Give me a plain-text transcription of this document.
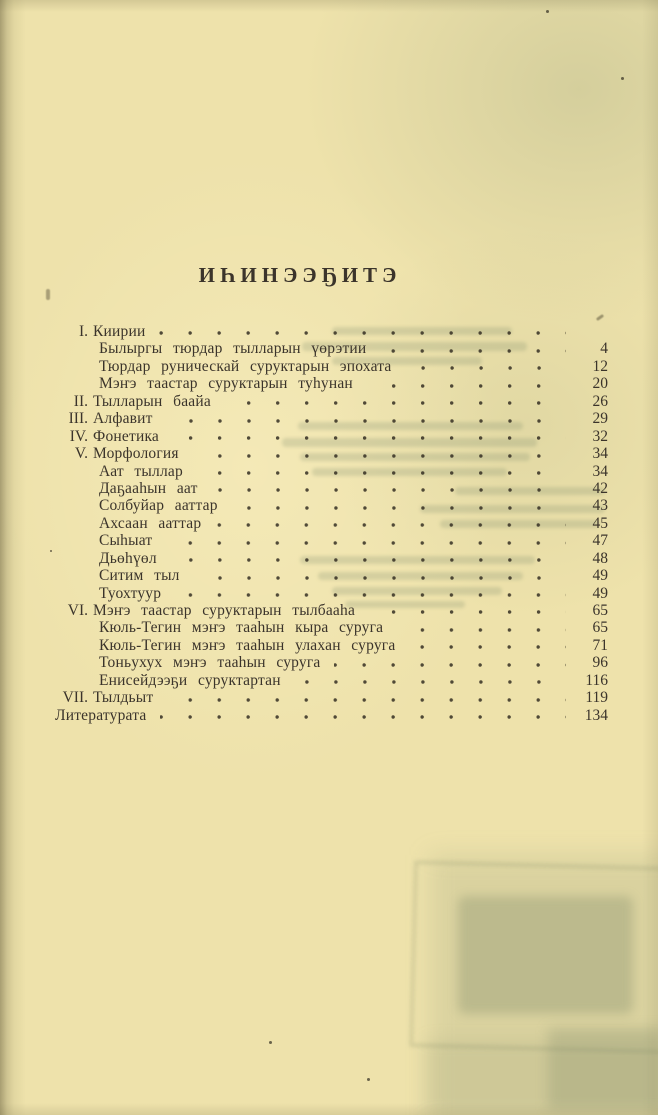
ИҺИНЭЭҔИТЭ
I. Киирии
Былыргы тюрдар тылларын үөрэтии	4
Тюрдар руническай суруктарын эпохата	12
Мэҥэ таастар суруктарын туһунан	20
II. Тылларын баайа	26
III. Алфавит	29
IV. Фонетика	32
V. Морфология	34
Аат тыллар	34
Даҕааһын аат	42
Солбуйар ааттар	43
Ахсаан ааттар	45
Сыһыат	47
Дьөһүөл	48
Ситим тыл	49
Туохтуур	49
VI. Мэҥэ таастар суруктарын тылбааһа	65
Кюль-Тегин мэҥэ тааһын кыра суруга	65
Кюль-Тегин мэҥэ тааһын улахан суруга	71
Тоньухух мэҥэ тааһын суруга	96
Енисейдээҕи суруктартан	116
VII. Тылдьыт	119
Литературата	134
